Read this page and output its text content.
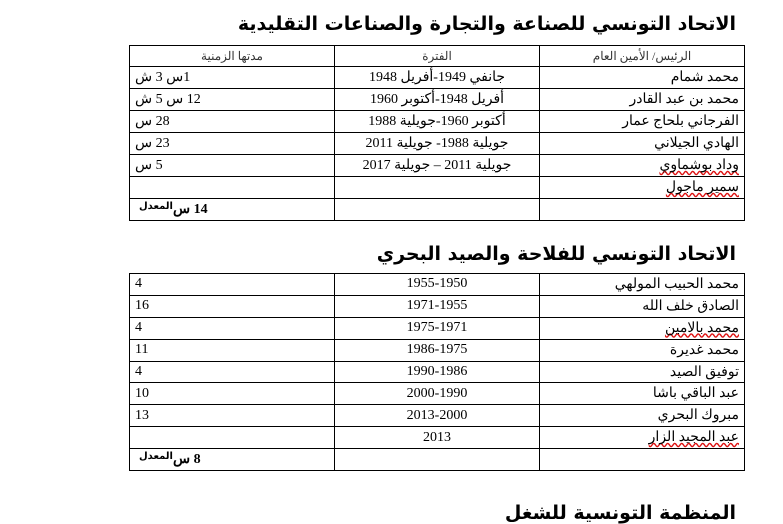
الاتحاد التونسي للصناعة والتجارة والصناعات التقليدية
الرئيس/ الأمين العام	الفترة	مدتها الزمنية
محمد شمام	جانفي 1949-أفريل 1948	1س 3 ش
محمد بن عبد القادر	أفريل 1948-أكتوبر 1960	12 س 5 ش
الفرجاني بلحاج عمار	أكتوبر 1960-جويلية 1988	28 س
الهادي الجيلاني	جويلية 1988- جويلية 2011	23 س
وداد بوشماوي	جويلية 2011 – جويلية 2017	5 س
سمير ماجول		
		14 س
المعدل
الاتحاد التونسي للفلاحة والصيد البحري
محمد الحبيب المولهي	1955-1950	4
الصادق خلف الله	1971-1955	16
محمد بالامين	1975-1971	4
محمد غديرة	1986-1975	11
توفيق الصيد	1990-1986	4
عبد الباقي باشا	2000-1990	10
مبروك البحري	2013-2000	13
عبد المجيد الزار	2013	
		8 س
المعدل
المنظمة التونسية للشغل
